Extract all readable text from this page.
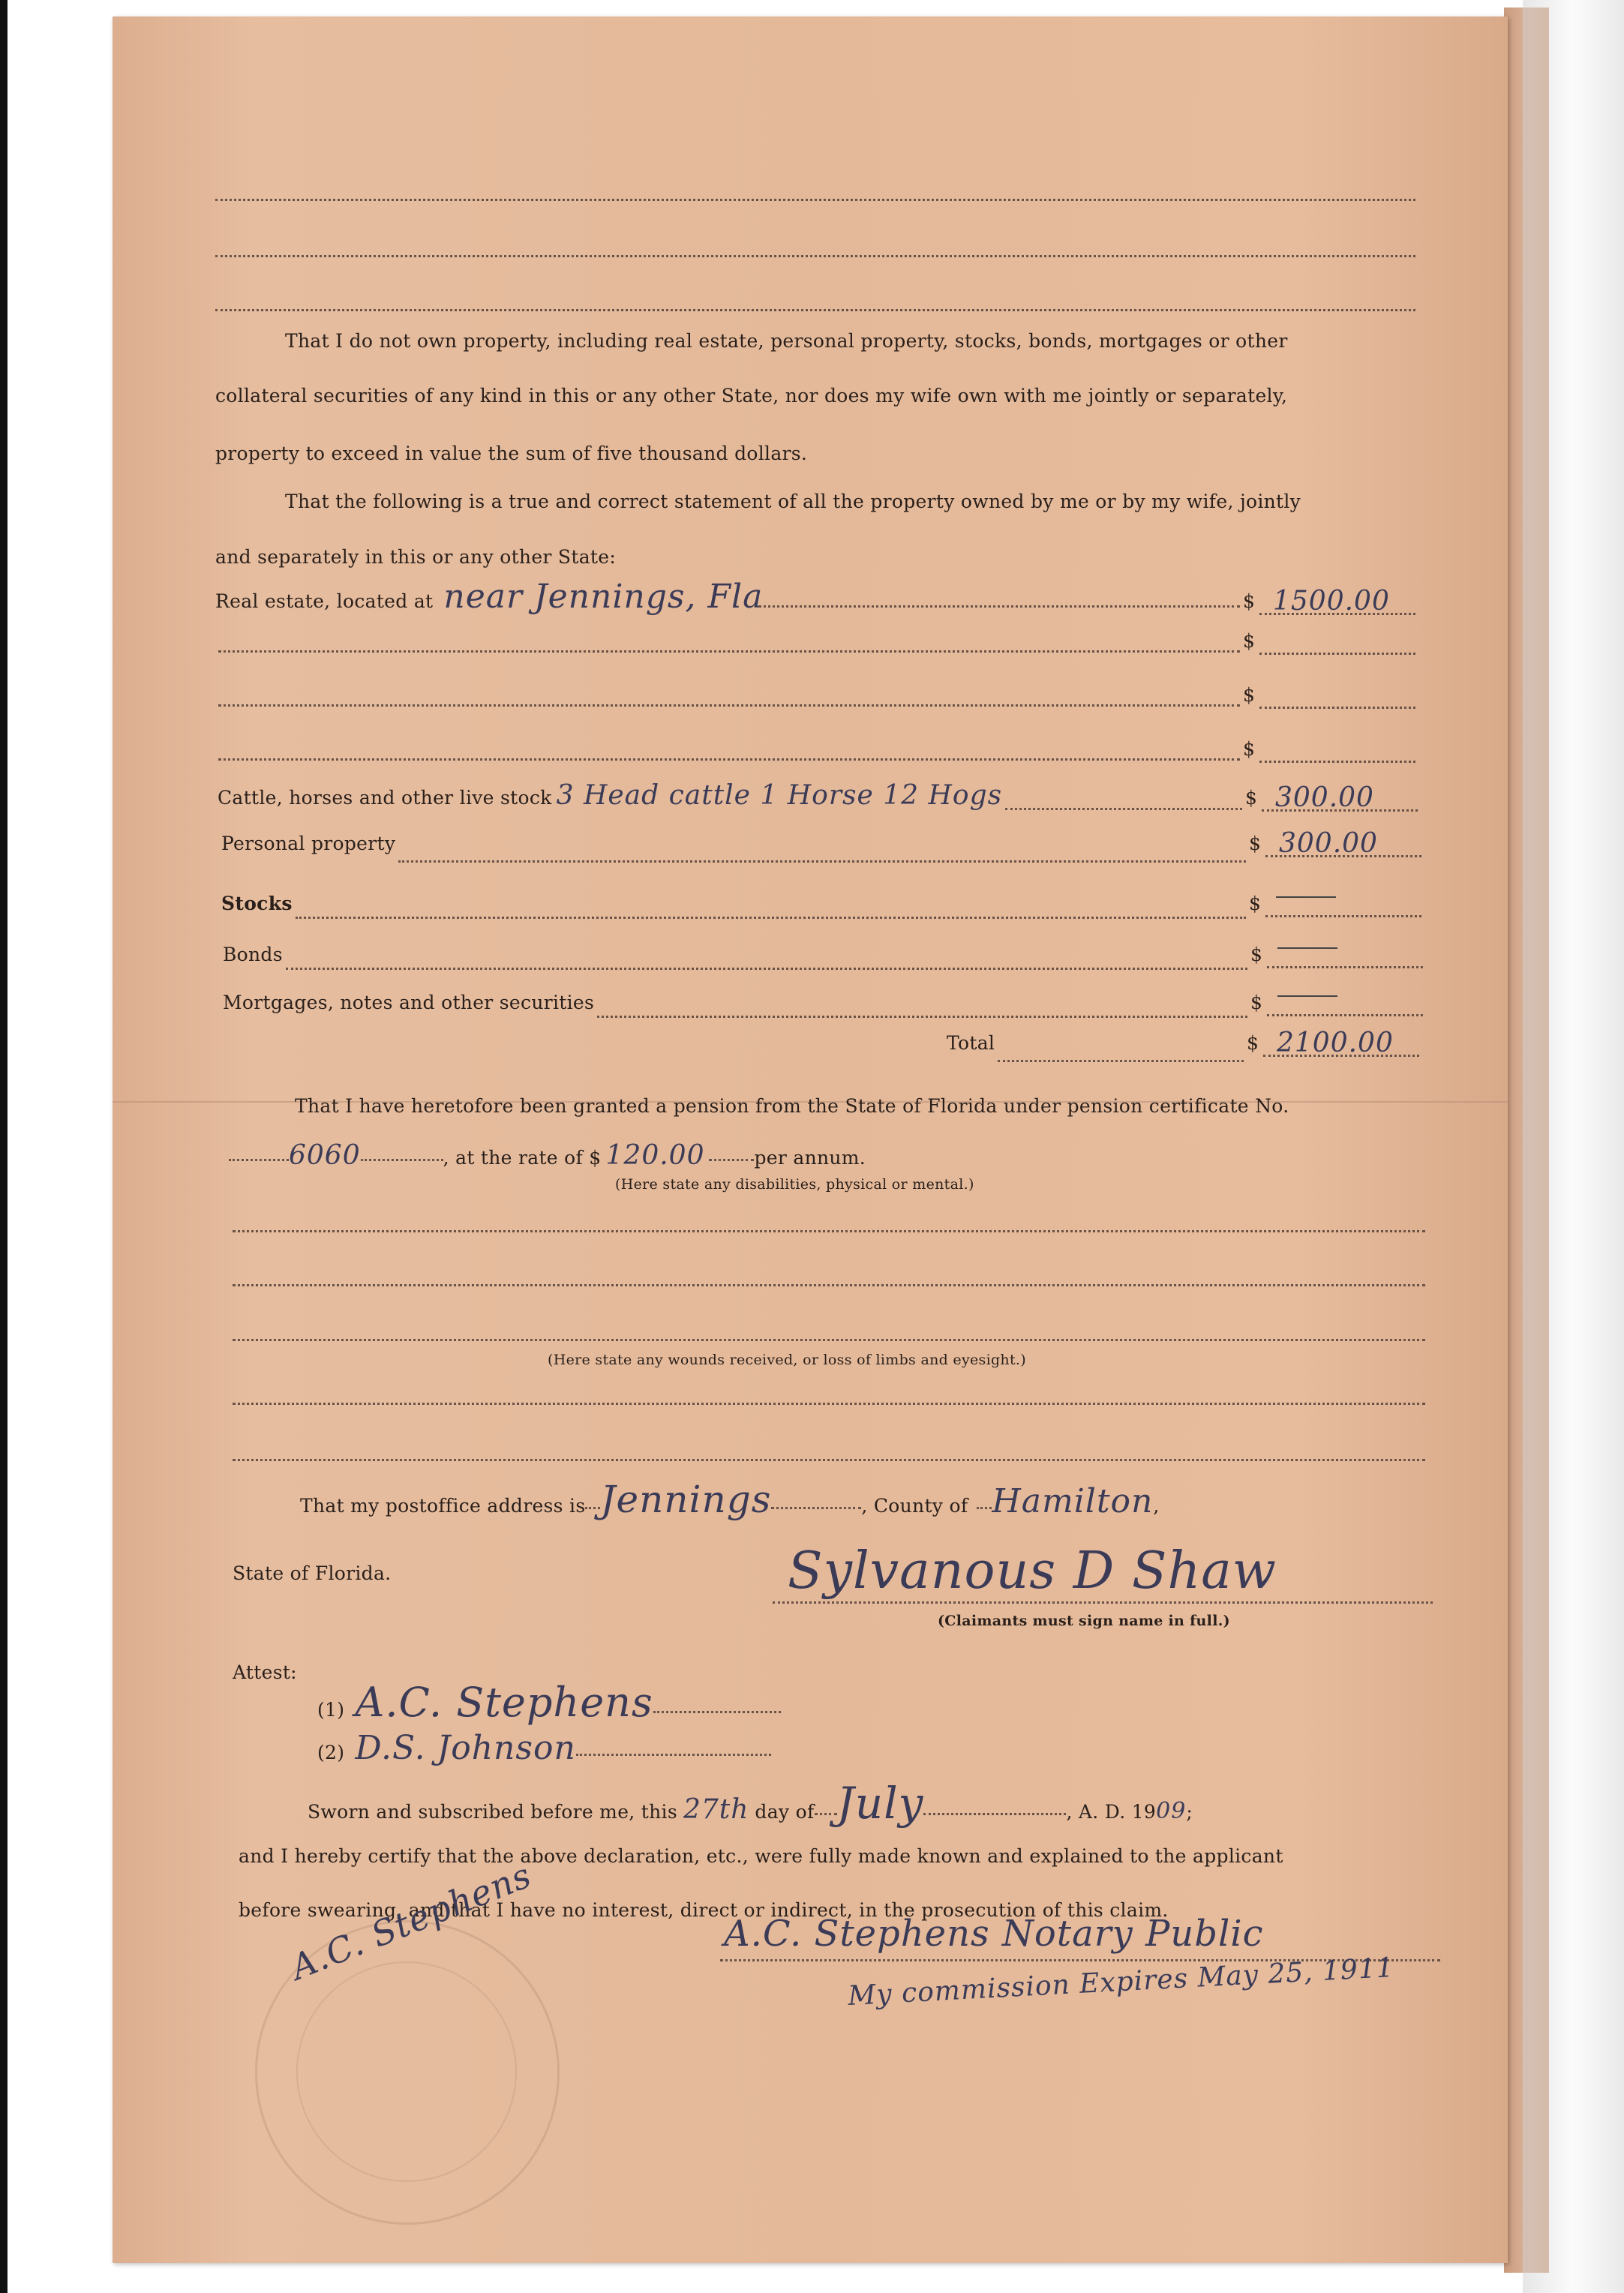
That I do not own property, including real estate, personal property, stocks, bonds, mortgages or other
collateral securities of any kind in this or any other State, nor does my wife own with me jointly or separately,
property to exceed in value the sum of five thousand dollars.
That the following is a true and correct statement of all the property owned by me or by my wife, jointly
and separately in this or any other State:
Real estate, located at near Jennings, Fla	$ 1500.00
$
$
$
Cattle, horses and other live stock 3 Head cattle 1 Horse 12 Hogs	$ 300.00
Personal property	$ 300.00
Stocks	$
Bonds	$
Mortgages, notes and other securities	$
Total	$ 2100.00
That I have heretofore been granted a pension from the State of Florida under pension certificate No.
6060	, at the rate of $ 120.00	per annum.
(Here state any disabilities, physical or mental.)
(Here state any wounds received, or loss of limbs and eyesight.)
That my postoffice address is Jennings	, County of Hamilton ,
State of Florida.	Sylvanous D Shaw
(Claimants must sign name in full.)
Attest:
(1) A.C. Stephens
(2) D.S. Johnson
Sworn and subscribed before me, this 27th day of July	, A. D. 19 09 ;
and I hereby certify that the above declaration, etc., were fully made known and explained to the applicant
before swearing, and that I have no interest, direct or indirect, in the prosecution of this claim.
A.C. Stephens Notary Public
My commission Expires May 25, 1911
A.C. Stephens
